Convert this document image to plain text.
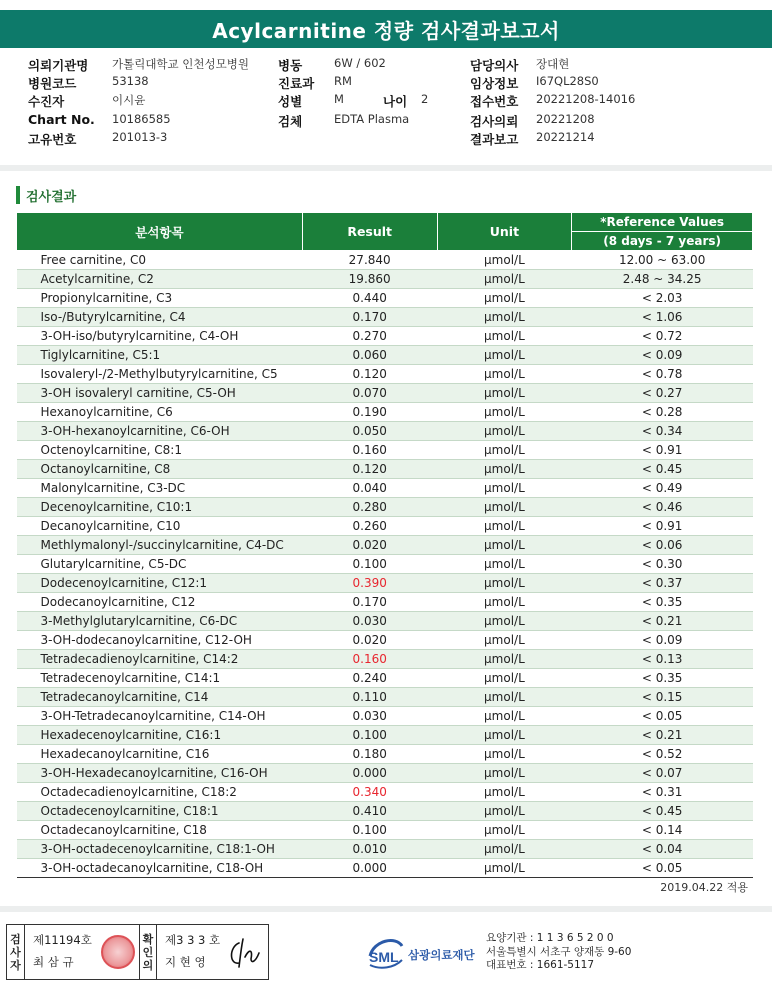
Acylcarnitine 정량 검사결과보고서
의뢰기관명 가톨릭대학교 인천성모병원 병동	6W / 602	담당의사 장대현
병원코드	53138	진료과 RM	임상정보 I67QL28S0
수진자	이시윤	성별	M	나이 2	접수번호 20221208-14016
Chart No. 10186585	검체	EDTA Plasma	검사의뢰 20221208
고유번호	201013-3	결과보고 20221214
검사결과
분석항목	Result	Unit	*Reference Values
			(8 days - 7 years)
Free carnitine, C0	27.840	μmol/L	12.00 ~ 63.00
Acetylcarnitine, C2	19.860	μmol/L	2.48 ~ 34.25
Propionylcarnitine, C3	0.440	μmol/L	< 2.03
Iso-/Butyrylcarnitine, C4	0.170	μmol/L	< 1.06
3-OH-iso/butyrylcarnitine, C4-OH	0.270	μmol/L	< 0.72
Tiglylcarnitine, C5:1	0.060	μmol/L	< 0.09
Isovaleryl-/2-Methylbutyrylcarnitine, C5	0.120	μmol/L	< 0.78
3-OH isovaleryl carnitine, C5-OH	0.070	μmol/L	< 0.27
Hexanoylcarnitine, C6	0.190	μmol/L	< 0.28
3-OH-hexanoylcarnitine, C6-OH	0.050	μmol/L	< 0.34
Octenoylcarnitine, C8:1	0.160	μmol/L	< 0.91
Octanoylcarnitine, C8	0.120	μmol/L	< 0.45
Malonylcarnitine, C3-DC	0.040	μmol/L	< 0.49
Decenoylcarnitine, C10:1	0.280	μmol/L	< 0.46
Decanoylcarnitine, C10	0.260	μmol/L	< 0.91
Methlymalonyl-/succinylcarnitine, C4-DC	0.020	μmol/L	< 0.06
Glutarylcarnitine, C5-DC	0.100	μmol/L	< 0.30
Dodecenoylcarnitine, C12:1	0.390	μmol/L	< 0.37
Dodecanoylcarnitine, C12	0.170	μmol/L	< 0.35
3-Methylglutarylcarnitine, C6-DC	0.030	μmol/L	< 0.21
3-OH-dodecanoylcarnitine, C12-OH	0.020	μmol/L	< 0.09
Tetradecadienoylcarnitine, C14:2	0.160	μmol/L	< 0.13
Tetradecenoylcarnitine, C14:1	0.240	μmol/L	< 0.35
Tetradecanoylcarnitine, C14	0.110	μmol/L	< 0.15
3-OH-Tetradecanoylcarnitine, C14-OH	0.030	μmol/L	< 0.05
Hexadecenoylcarnitine, C16:1	0.100	μmol/L	< 0.21
Hexadecanoylcarnitine, C16	0.180	μmol/L	< 0.52
3-OH-Hexadecanoylcarnitine, C16-OH	0.000	μmol/L	< 0.07
Octadecadienoylcarnitine, C18:2	0.340	μmol/L	< 0.31
Octadecenoylcarnitine, C18:1	0.410	μmol/L	< 0.45
Octadecanoylcarnitine, C18	0.100	μmol/L	< 0.14
3-OH-octadecenoylcarnitine, C18:1-OH	0.010	μmol/L	< 0.04
3-OH-octadecanoylcarnitine, C18-OH	0.000	μmol/L	< 0.05
2019.04.22 적용
검
사
자
제11194호
최 삼 규
확
인
의
제3 3 3 호
지 현 영	SML 삼광의료재단
요양기관 : 1 1 3 6 5 2 0 0
서울특별시 서초구 양재동 9-60
대표번호 : 1661-5117
